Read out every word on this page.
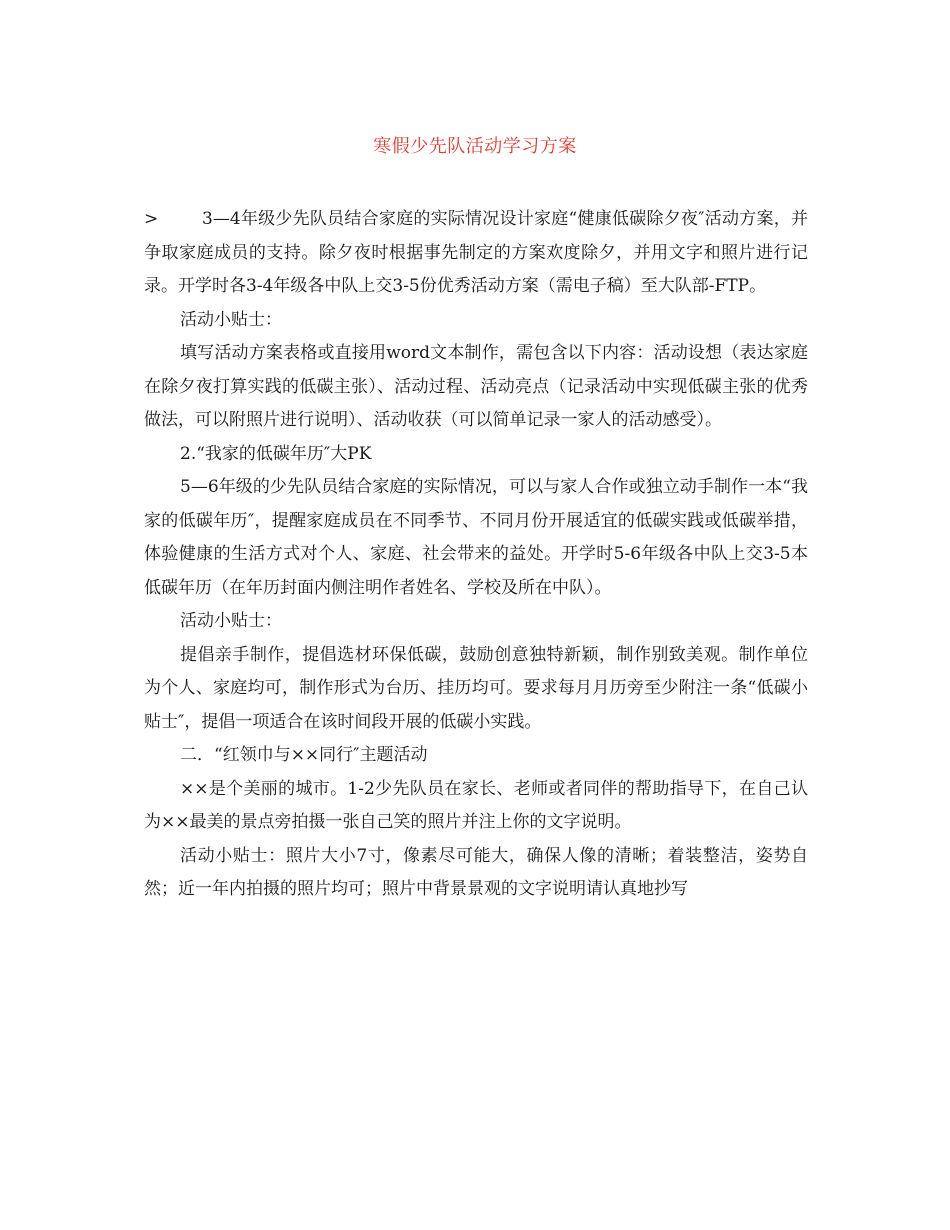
寒假少先队活动学习方案

>	3—4年级少先队员结合家庭的实际情况设计家庭“健康低碳除夕夜″活动方案，并争取家庭成员的支持。除夕夜时根据事先制定的方案欢度除夕，并用文字和照片进行记录。开学时各3-4年级各中队上交3-5份优秀活动方案（需电子稿）至大队部-FTP。

活动小贴士：

填写活动方案表格或直接用word文本制作，需包含以下内容：活动设想（表达家庭在除夕夜打算实践的低碳主张）、活动过程、活动亮点（记录活动中实现低碳主张的优秀做法，可以附照片进行说明）、活动收获（可以简单记录一家人的活动感受）。

2.“我家的低碳年历″大PK

5—6年级的少先队员结合家庭的实际情况，可以与家人合作或独立动手制作一本“我家的低碳年历″，提醒家庭成员在不同季节、不同月份开展适宜的低碳实践或低碳举措，体验健康的生活方式对个人、家庭、社会带来的益处。开学时5-6年级各中队上交3-5本低碳年历（在年历封面内侧注明作者姓名、学校及所在中队）。

活动小贴士：

提倡亲手制作，提倡选材环保低碳，鼓励创意独特新颖，制作别致美观。制作单位为个人、家庭均可，制作形式为台历、挂历均可。要求每月月历旁至少附注一条“低碳小贴士″，提倡一项适合在该时间段开展的低碳小实践。

二．“红领巾与××同行″主题活动

××是个美丽的城市。1-2少先队员在家长、老师或者同伴的帮助指导下，在自己认为××最美的景点旁拍摄一张自己笑的照片并注上你的文字说明。

活动小贴士：照片大小7寸，像素尽可能大，确保人像的清晰；着装整洁，姿势自然；近一年内拍摄的照片均可；照片中背景景观的文字说明请认真地抄写
